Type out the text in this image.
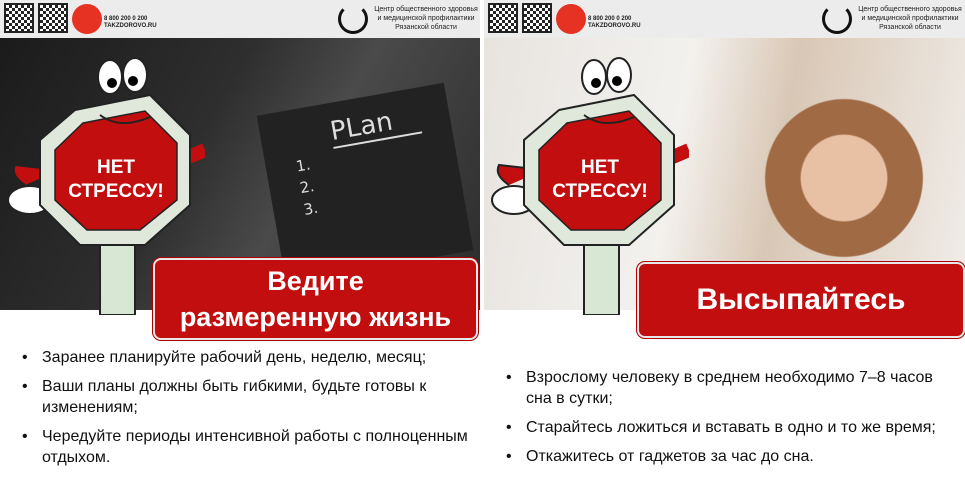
8 800 200 0 200
TAKZDOROVO.RU
Центр общественного здоровья и медицинской профилактики Рязанской области
PLan
1.
2.
3.
НЕТ
СТРЕССУ!
Ведите
размеренную жизнь
• Заранее планируйте рабочий день, неделю, месяц;
• Ваши планы должны быть гибкими, будьте готовы к изменениям;
• Чередуйте периоды интенсивной работы с полноценным отдыхом.
8 800 200 0 200
TAKZDOROVO.RU
Центр общественного здоровья и медицинской профилактики Рязанской области
НЕТ
СТРЕССУ!
Высыпайтесь
• Взрослому человеку в среднем необходимо 7–8 часов сна в сутки;
• Старайтесь ложиться и вставать в одно и то же время;
• Откажитесь от гаджетов за час до сна.
